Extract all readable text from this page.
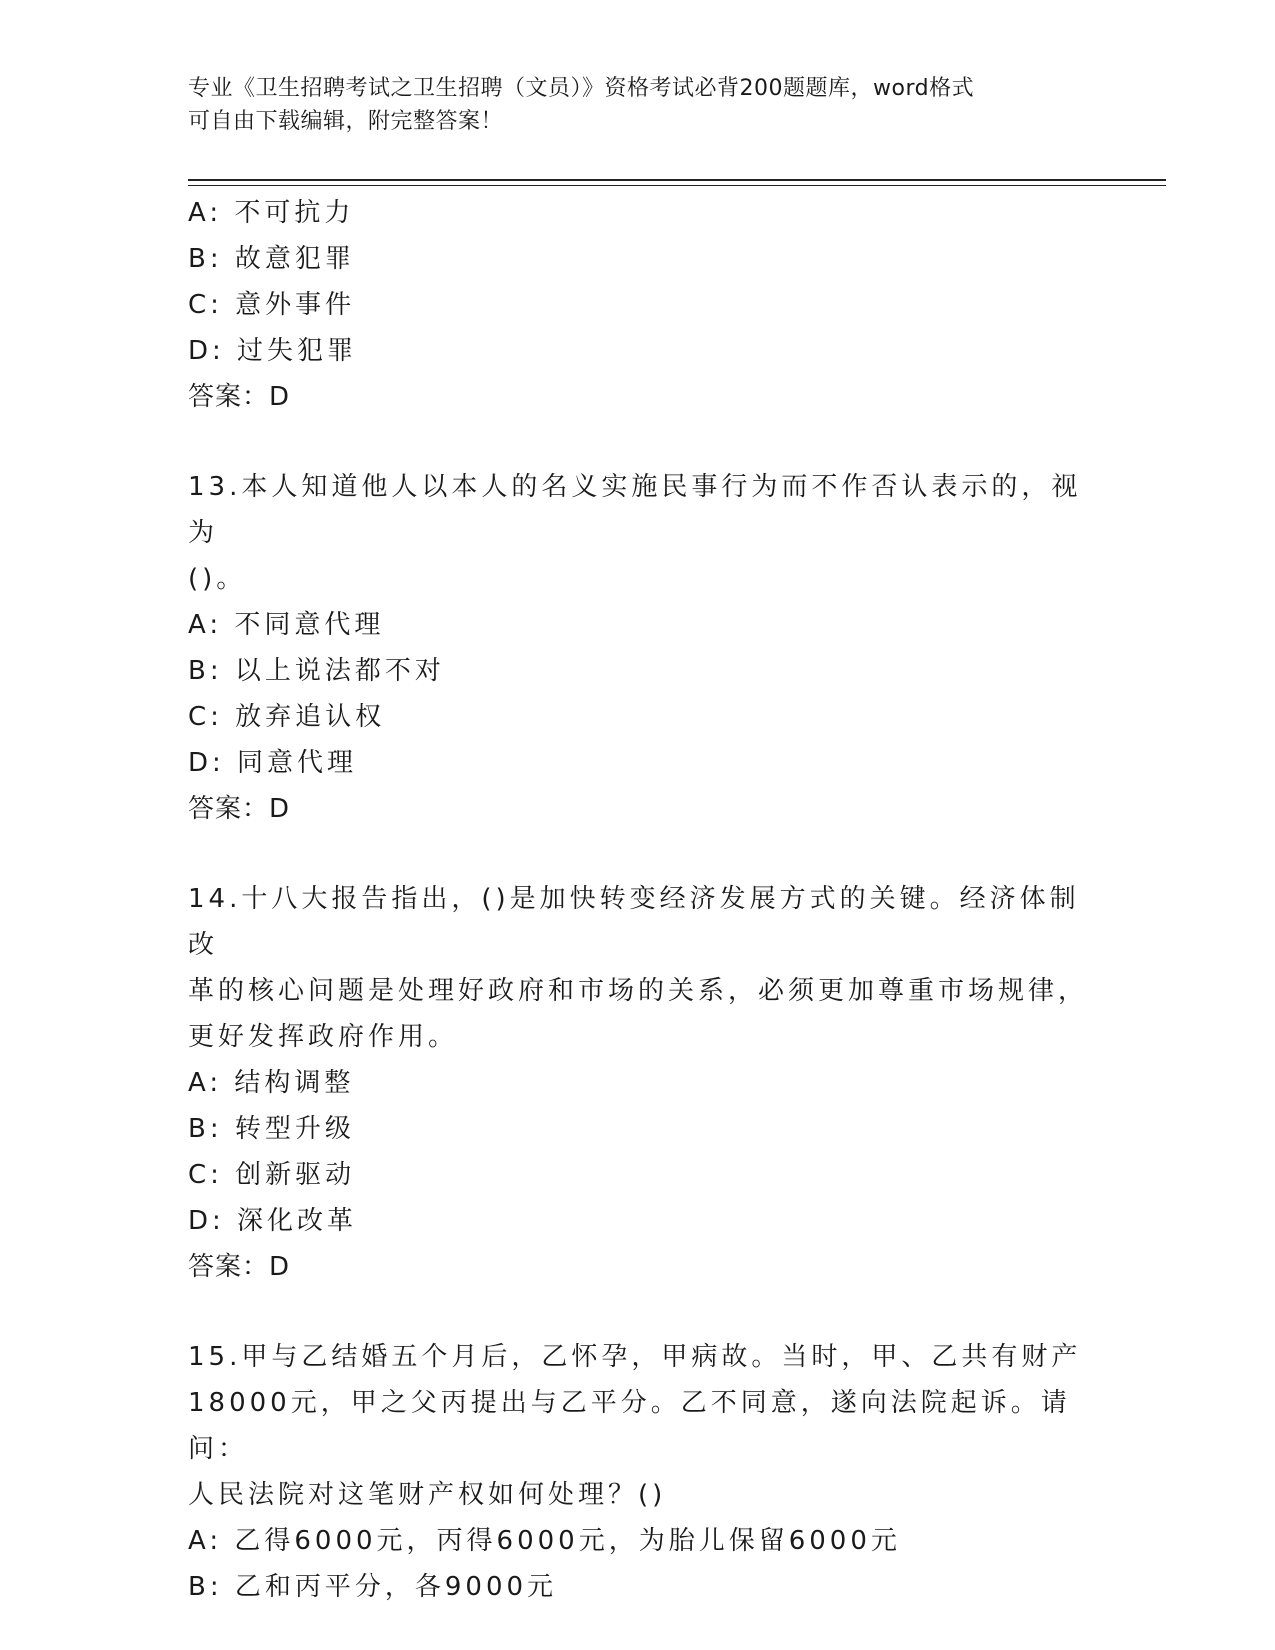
专业《卫生招聘考试之卫生招聘（文员）》资格考试必背200题题库，word格式
可自由下载编辑，附完整答案！
A: 不可抗力
B: 故意犯罪
C: 意外事件
D: 过失犯罪
答案：D
13.本人知道他人以本人的名义实施民事行为而不作否认表示的，视为
()。
A: 不同意代理
B: 以上说法都不对
C: 放弃追认权
D: 同意代理
答案：D
14.十八大报告指出，()是加快转变经济发展方式的关键。经济体制改
革的核心问题是处理好政府和市场的关系，必须更加尊重市场规律，
更好发挥政府作用。
A: 结构调整
B: 转型升级
C: 创新驱动
D: 深化改革
答案：D
15.甲与乙结婚五个月后，乙怀孕，甲病故。当时，甲、乙共有财产
18000元，甲之父丙提出与乙平分。乙不同意，遂向法院起诉。请问：
人民法院对这笔财产权如何处理？()
A: 乙得6000元，丙得6000元，为胎儿保留6000元
B: 乙和丙平分，各9000元
